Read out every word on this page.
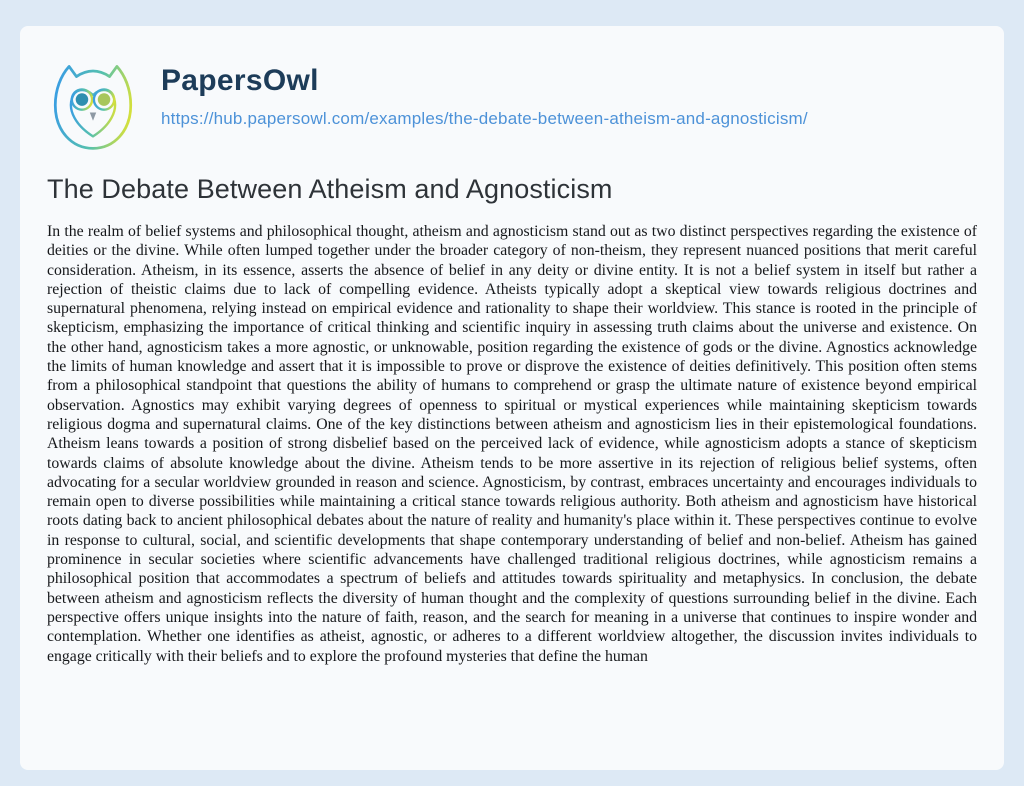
PapersOwl
https://hub.papersowl.com/examples/the-debate-between-atheism-and-agnosticism/
The Debate Between Atheism and Agnosticism

In the realm of belief systems and philosophical thought, atheism and agnosticism stand out as two distinct perspectives regarding the existence of deities or the divine. While often lumped together under the broader category of non-theism, they represent nuanced positions that merit careful consideration. Atheism, in its essence, asserts the absence of belief in any deity or divine entity. It is not a belief system in itself but rather a rejection of theistic claims due to lack of compelling evidence. Atheists typically adopt a skeptical view towards religious doctrines and supernatural phenomena, relying instead on empirical evidence and rationality to shape their worldview. This stance is rooted in the principle of skepticism, emphasizing the importance of critical thinking and scientific inquiry in assessing truth claims about the universe and existence. On the other hand, agnosticism takes a more agnostic, or unknowable, position regarding the existence of gods or the divine. Agnostics acknowledge the limits of human knowledge and assert that it is impossible to prove or disprove the existence of deities definitively. This position often stems from a philosophical standpoint that questions the ability of humans to comprehend or grasp the ultimate nature of existence beyond empirical observation. Agnostics may exhibit varying degrees of openness to spiritual or mystical experiences while maintaining skepticism towards religious dogma and supernatural claims. One of the key distinctions between atheism and agnosticism lies in their epistemological foundations. Atheism leans towards a position of strong disbelief based on the perceived lack of evidence, while agnosticism adopts a stance of skepticism towards claims of absolute knowledge about the divine. Atheism tends to be more assertive in its rejection of religious belief systems, often advocating for a secular worldview grounded in reason and science. Agnosticism, by contrast, embraces uncertainty and encourages individuals to remain open to diverse possibilities while maintaining a critical stance towards religious authority. Both atheism and agnosticism have historical roots dating back to ancient philosophical debates about the nature of reality and humanity's place within it. These perspectives continue to evolve in response to cultural, social, and scientific developments that shape contemporary understanding of belief and non-belief. Atheism has gained prominence in secular societies where scientific advancements have challenged traditional religious doctrines, while agnosticism remains a philosophical position that accommodates a spectrum of beliefs and attitudes towards spirituality and metaphysics. In conclusion, the debate between atheism and agnosticism reflects the diversity of human thought and the complexity of questions surrounding belief in the divine. Each perspective offers unique insights into the nature of faith, reason, and the search for meaning in a universe that continues to inspire wonder and contemplation. Whether one identifies as atheist, agnostic, or adheres to a different worldview altogether, the discussion invites individuals to engage critically with their beliefs and to explore the profound mysteries that define the human
